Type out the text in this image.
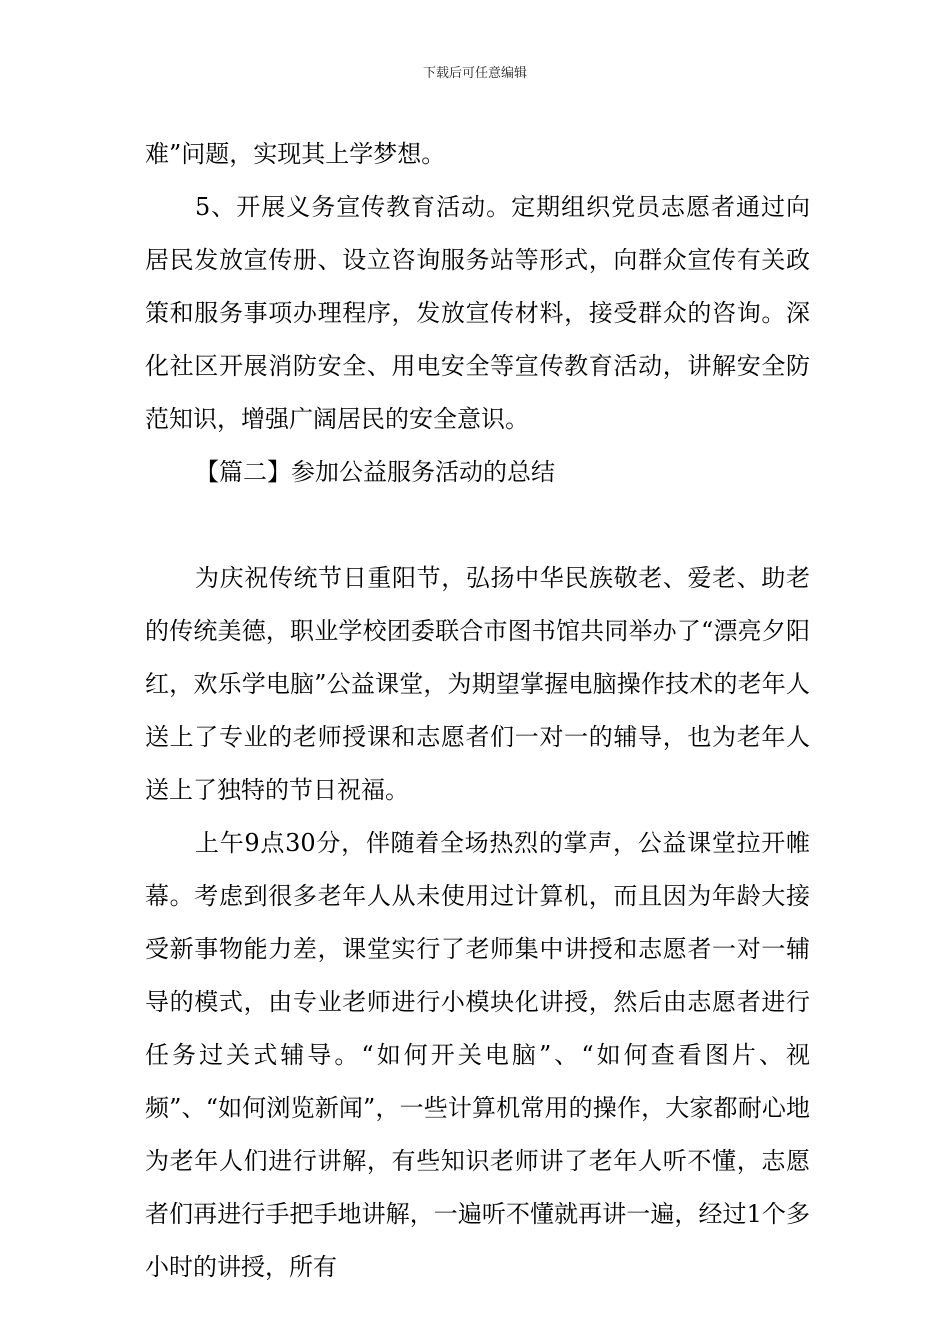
下载后可任意编辑

难”问题，实现其上学梦想。

5、开展义务宣传教育活动。定期组织党员志愿者通过向居民发放宣传册、设立咨询服务站等形式，向群众宣传有关政策和服务事项办理程序，发放宣传材料，接受群众的咨询。深化社区开展消防安全、用电安全等宣传教育活动，讲解安全防范知识，增强广阔居民的安全意识。

【篇二】参加公益服务活动的总结

为庆祝传统节日重阳节，弘扬中华民族敬老、爱老、助老的传统美德，职业学校团委联合市图书馆共同举办了“漂亮夕阳红，欢乐学电脑”公益课堂，为期望掌握电脑操作技术的老年人送上了专业的老师授课和志愿者们一对一的辅导，也为老年人送上了独特的节日祝福。

上午9点30分，伴随着全场热烈的掌声，公益课堂拉开帷幕。考虑到很多老年人从未使用过计算机，而且因为年龄大接受新事物能力差，课堂实行了老师集中讲授和志愿者一对一辅导的模式，由专业老师进行小模块化讲授，然后由志愿者进行任务过关式辅导。“如何开关电脑”、“如何查看图片、视频”、“如何浏览新闻”，一些计算机常用的操作，大家都耐心地为老年人们进行讲解，有些知识老师讲了老年人听不懂，志愿者们再进行手把手地讲解，一遍听不懂就再讲一遍，经过1个多小时的讲授，所有
